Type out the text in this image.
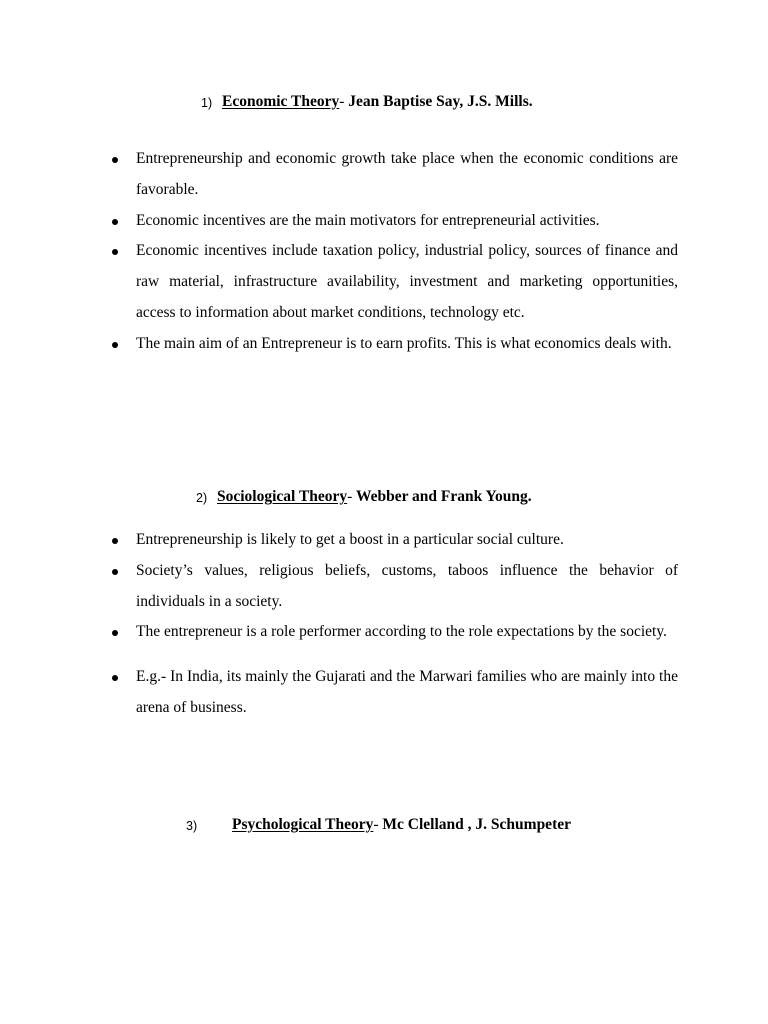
1) Economic Theory- Jean Baptise Say, J.S. Mills.
Entrepreneurship and economic growth take place when the economic conditions are favorable.
Economic incentives are the main motivators for entrepreneurial activities.
Economic incentives include taxation policy, industrial policy, sources of finance and raw material, infrastructure availability, investment and marketing opportunities, access to information about market conditions, technology etc.
The main aim of an Entrepreneur is to earn profits. This is what economics deals with.
2) Sociological Theory- Webber and Frank Young.
Entrepreneurship is likely to get a boost in a particular social culture.
Society’s values, religious beliefs, customs, taboos influence the behavior of individuals in a society.
The entrepreneur is a role performer according to the role expectations by the society.
E.g.- In India, its mainly the Gujarati and the Marwari families who are mainly into the arena of business.
3) Psychological Theory- Mc Clelland , J. Schumpeter
